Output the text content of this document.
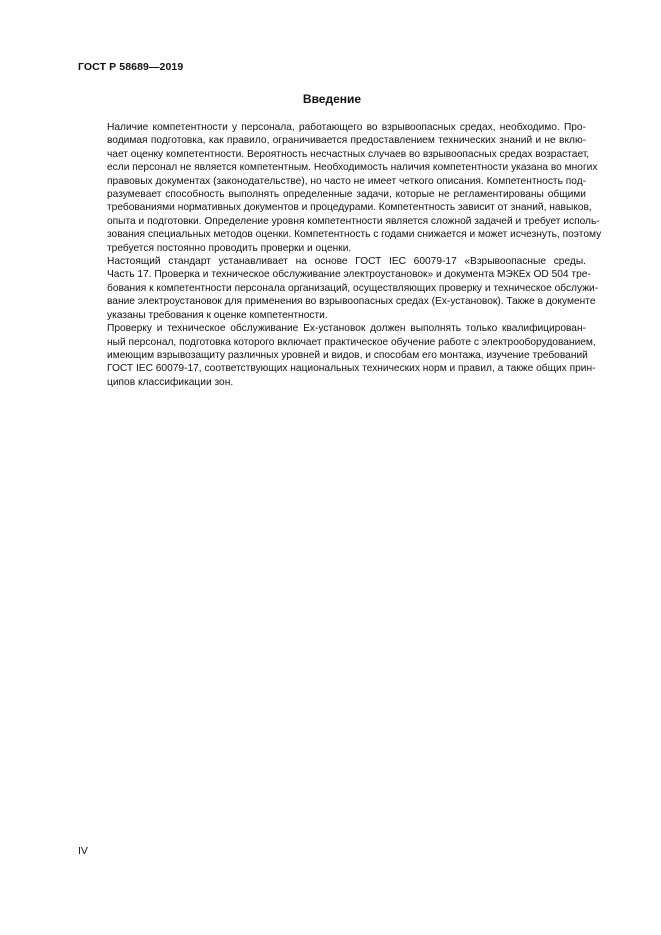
ГОСТ Р 58689—2019
Введение

Наличие компетентности у персонала, работающего во взрывоопасных средах, необходимо. Про-
водимая подготовка, как правило, ограничивается предоставлением технических знаний и не вклю-
чает оценку компетентности. Вероятность несчастных случаев во взрывоопасных средах возрастает,
если персонал не является компетентным. Необходимость наличия компетентности указана во многих
правовых документах (законодательстве), но часто не имеет четкого описания. Компетентность под-
разумевает способность выполнять определенные задачи, которые не регламентированы общими
требованиями нормативных документов и процедурами. Компетентность зависит от знаний, навыков,
опыта и подготовки. Определение уровня компетентности является сложной задачей и требует исполь-
зования специальных методов оценки. Компетентность с годами снижается и может исчезнуть, поэтому
требуется постоянно проводить проверки и оценки.

Настоящий стандарт устанавливает на основе ГОСТ IEC 60079-17 «Взрывоопасные среды.
Часть 17. Проверка и техническое обслуживание электроустановок» и документа МЭКЕх OD 504 тре-
бования к компетентности персонала организаций, осуществляющих проверку и техническое обслужи-
вание электроустановок для применения во взрывоопасных средах (Ех-установок). Также в документе
указаны требования к оценке компетентности.

Проверку и техническое обслуживание Ех-установок должен выполнять только квалифицирован-
ный персонал, подготовка которого включает практическое обучение работе с электрооборудованием,
имеющим взрывозащиту различных уровней и видов, и способам его монтажа, изучение требований
ГОСТ IEC 60079-17, соответствующих национальных технических норм и правил, а также общих прин-
ципов классификации зон.

IV
